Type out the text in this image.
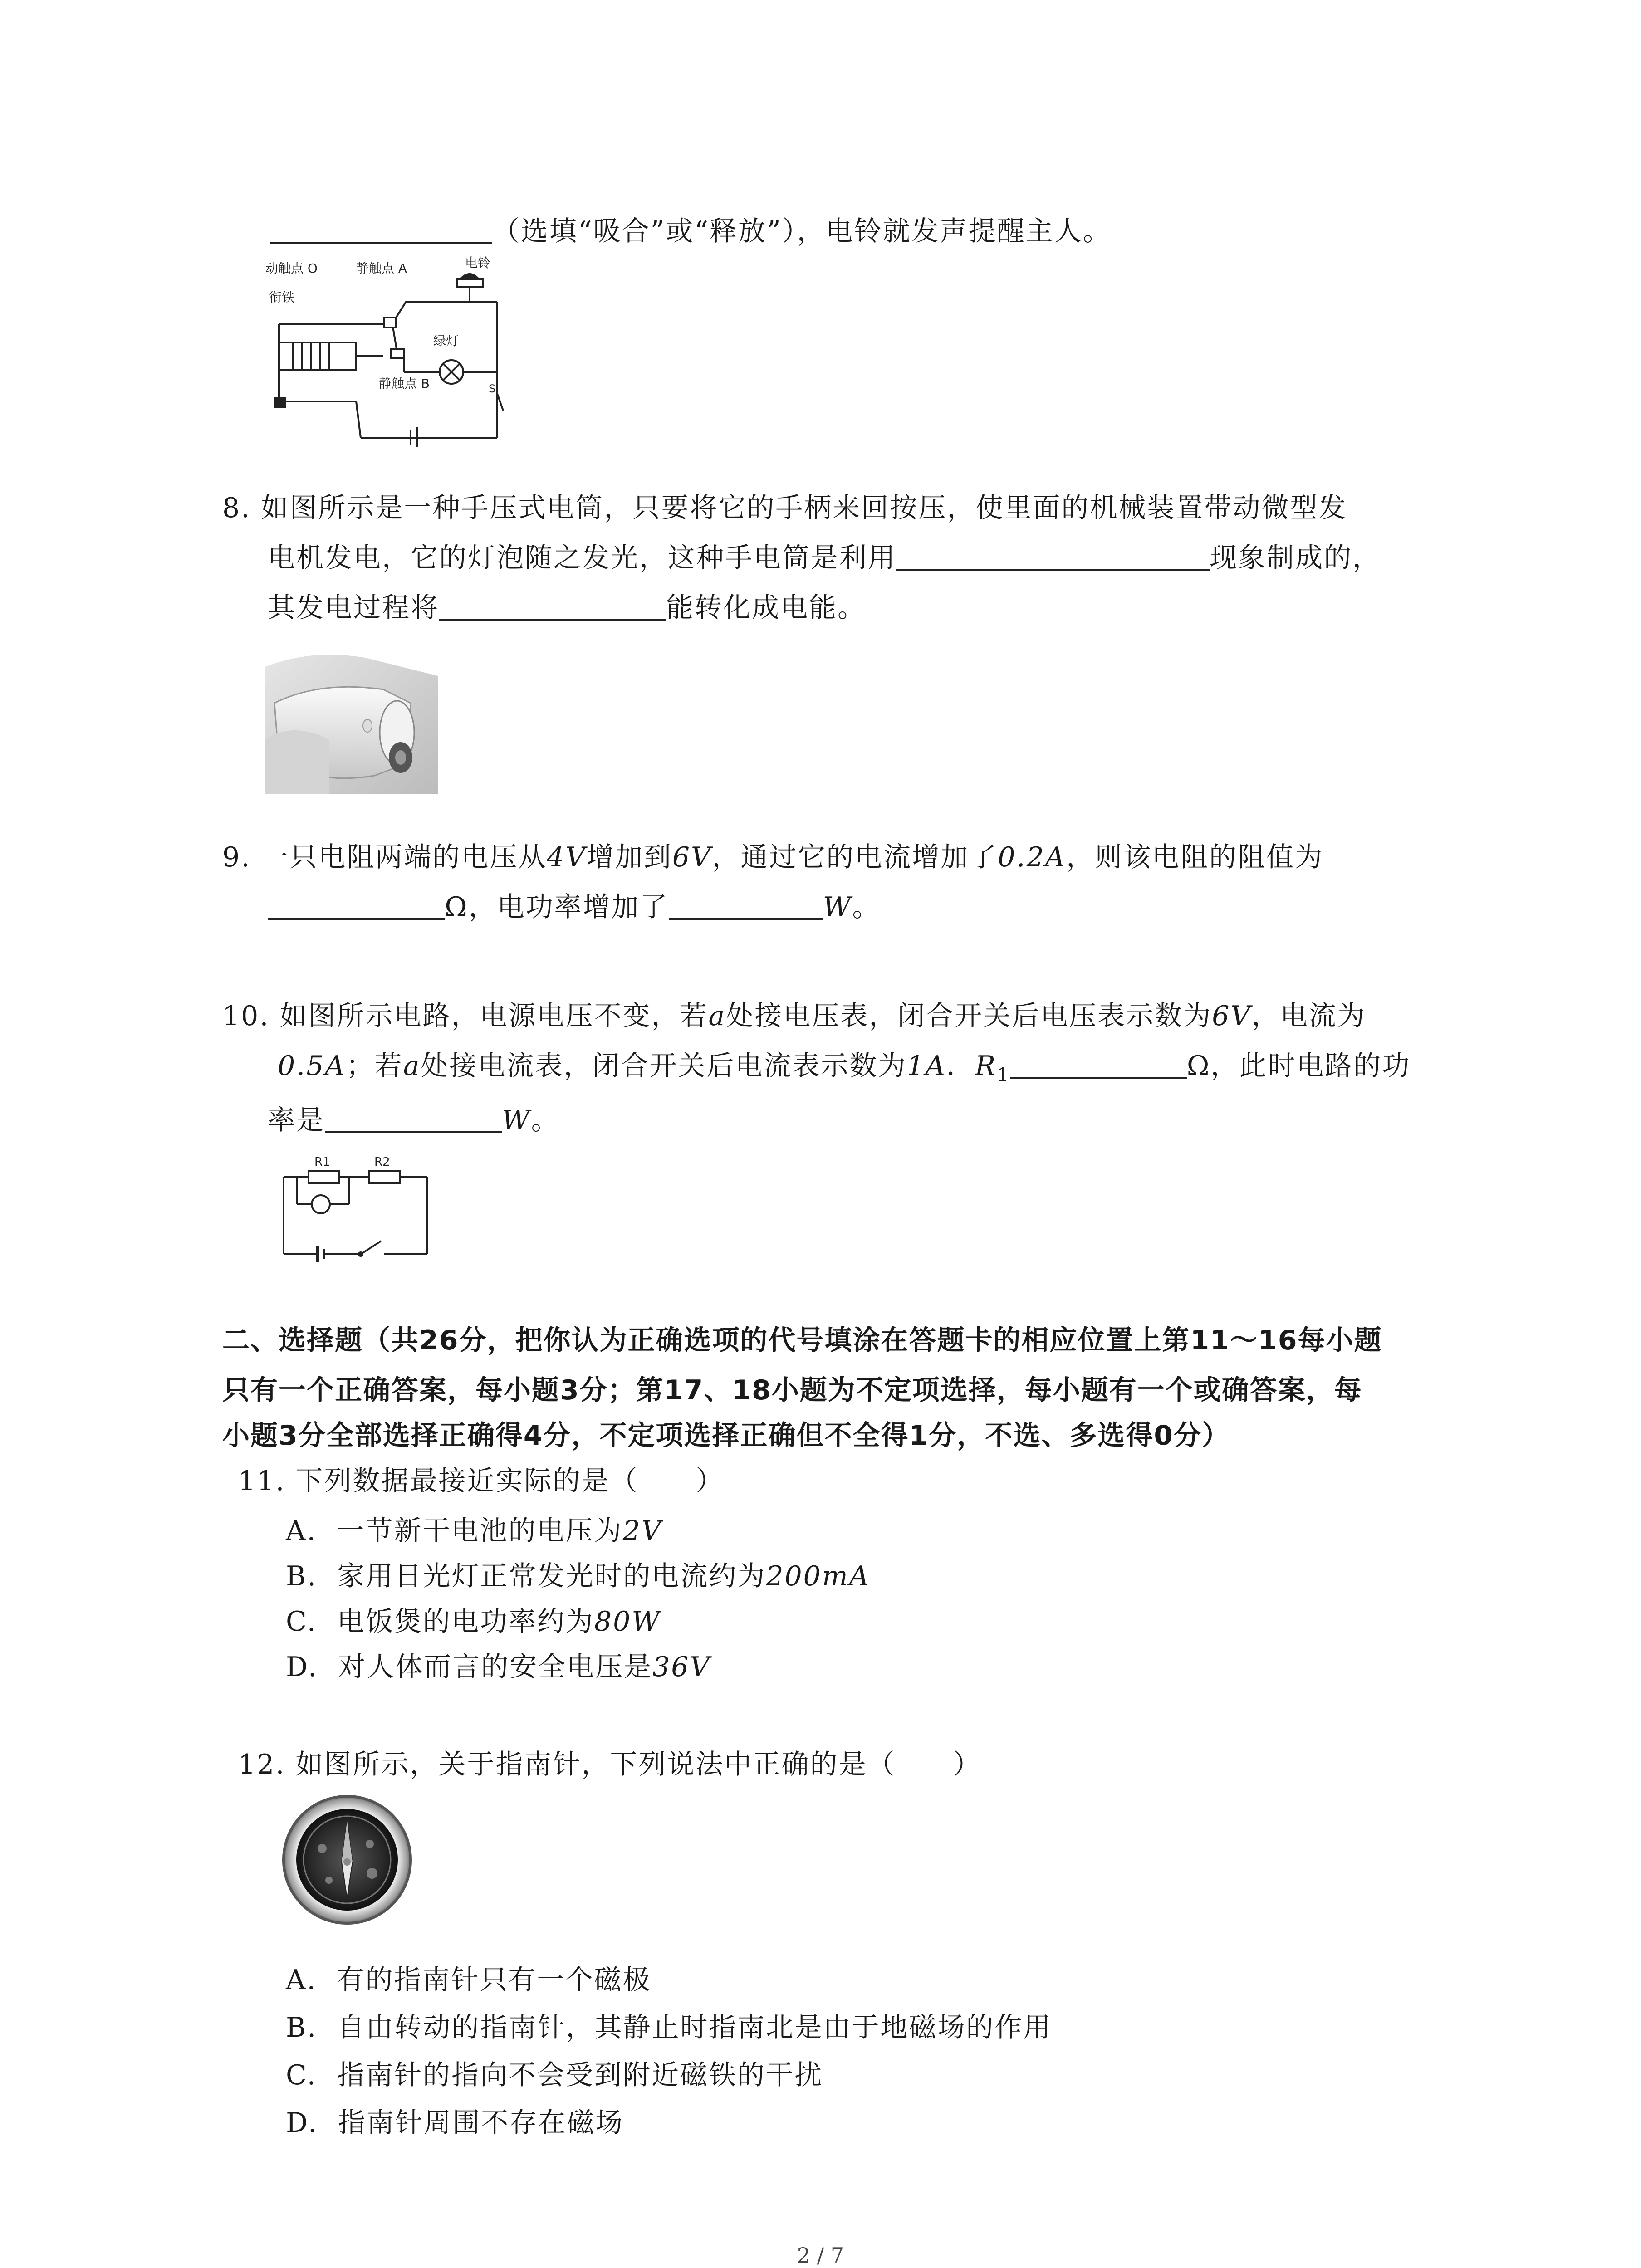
（选填“吸合”或“释放”），电铃就发声提醒主人。
动触点 O	静触点 A	电铃
衔铁
绿灯
静触点 B	S
8. 如图所示是一种手压式电筒，只要将它的手柄来回按压，使里面的机械装置带动微型发
电机发电，它的灯泡随之发光，这种手电筒是利用	现象制成的，
其发电过程将	能转化成电能。
9. 一只电阻两端的电压从4V增加到6V，通过它的电流增加了0.2A，则该电阻的阻值为
Ω，电功率增加了	W。
10. 如图所示电路，电源电压不变，若a处接电压表，闭合开关后电压表示数为6V，电流为
0.5A；若a处接电流表，闭合开关后电流表示数为1A．$R_1$	Ω，此时电路的功
率是	W。
R1	R2
二、选择题（共26分，把你认为正确选项的代号填涂在答题卡的相应位置上第11～16每小题
只有一个正确答案，每小题3分；第17、18小题为不定项选择，每小题有一个或确答案，每
小题3分全部选择正确得4分，不定项选择正确但不全得1分，不选、多选得0分）
11. 下列数据最接近实际的是（　　）
A. 一节新干电池的电压为2V
B. 家用日光灯正常发光时的电流约为200mA
C. 电饭煲的电功率约为80W
D. 对人体而言的安全电压是36V
12. 如图所示，关于指南针，下列说法中正确的是（　　）
A. 有的指南针只有一个磁极
B. 自由转动的指南针，其静止时指南北是由于地磁场的作用
C. 指南针的指向不会受到附近磁铁的干扰
D. 指南针周围不存在磁场
2 / 7
